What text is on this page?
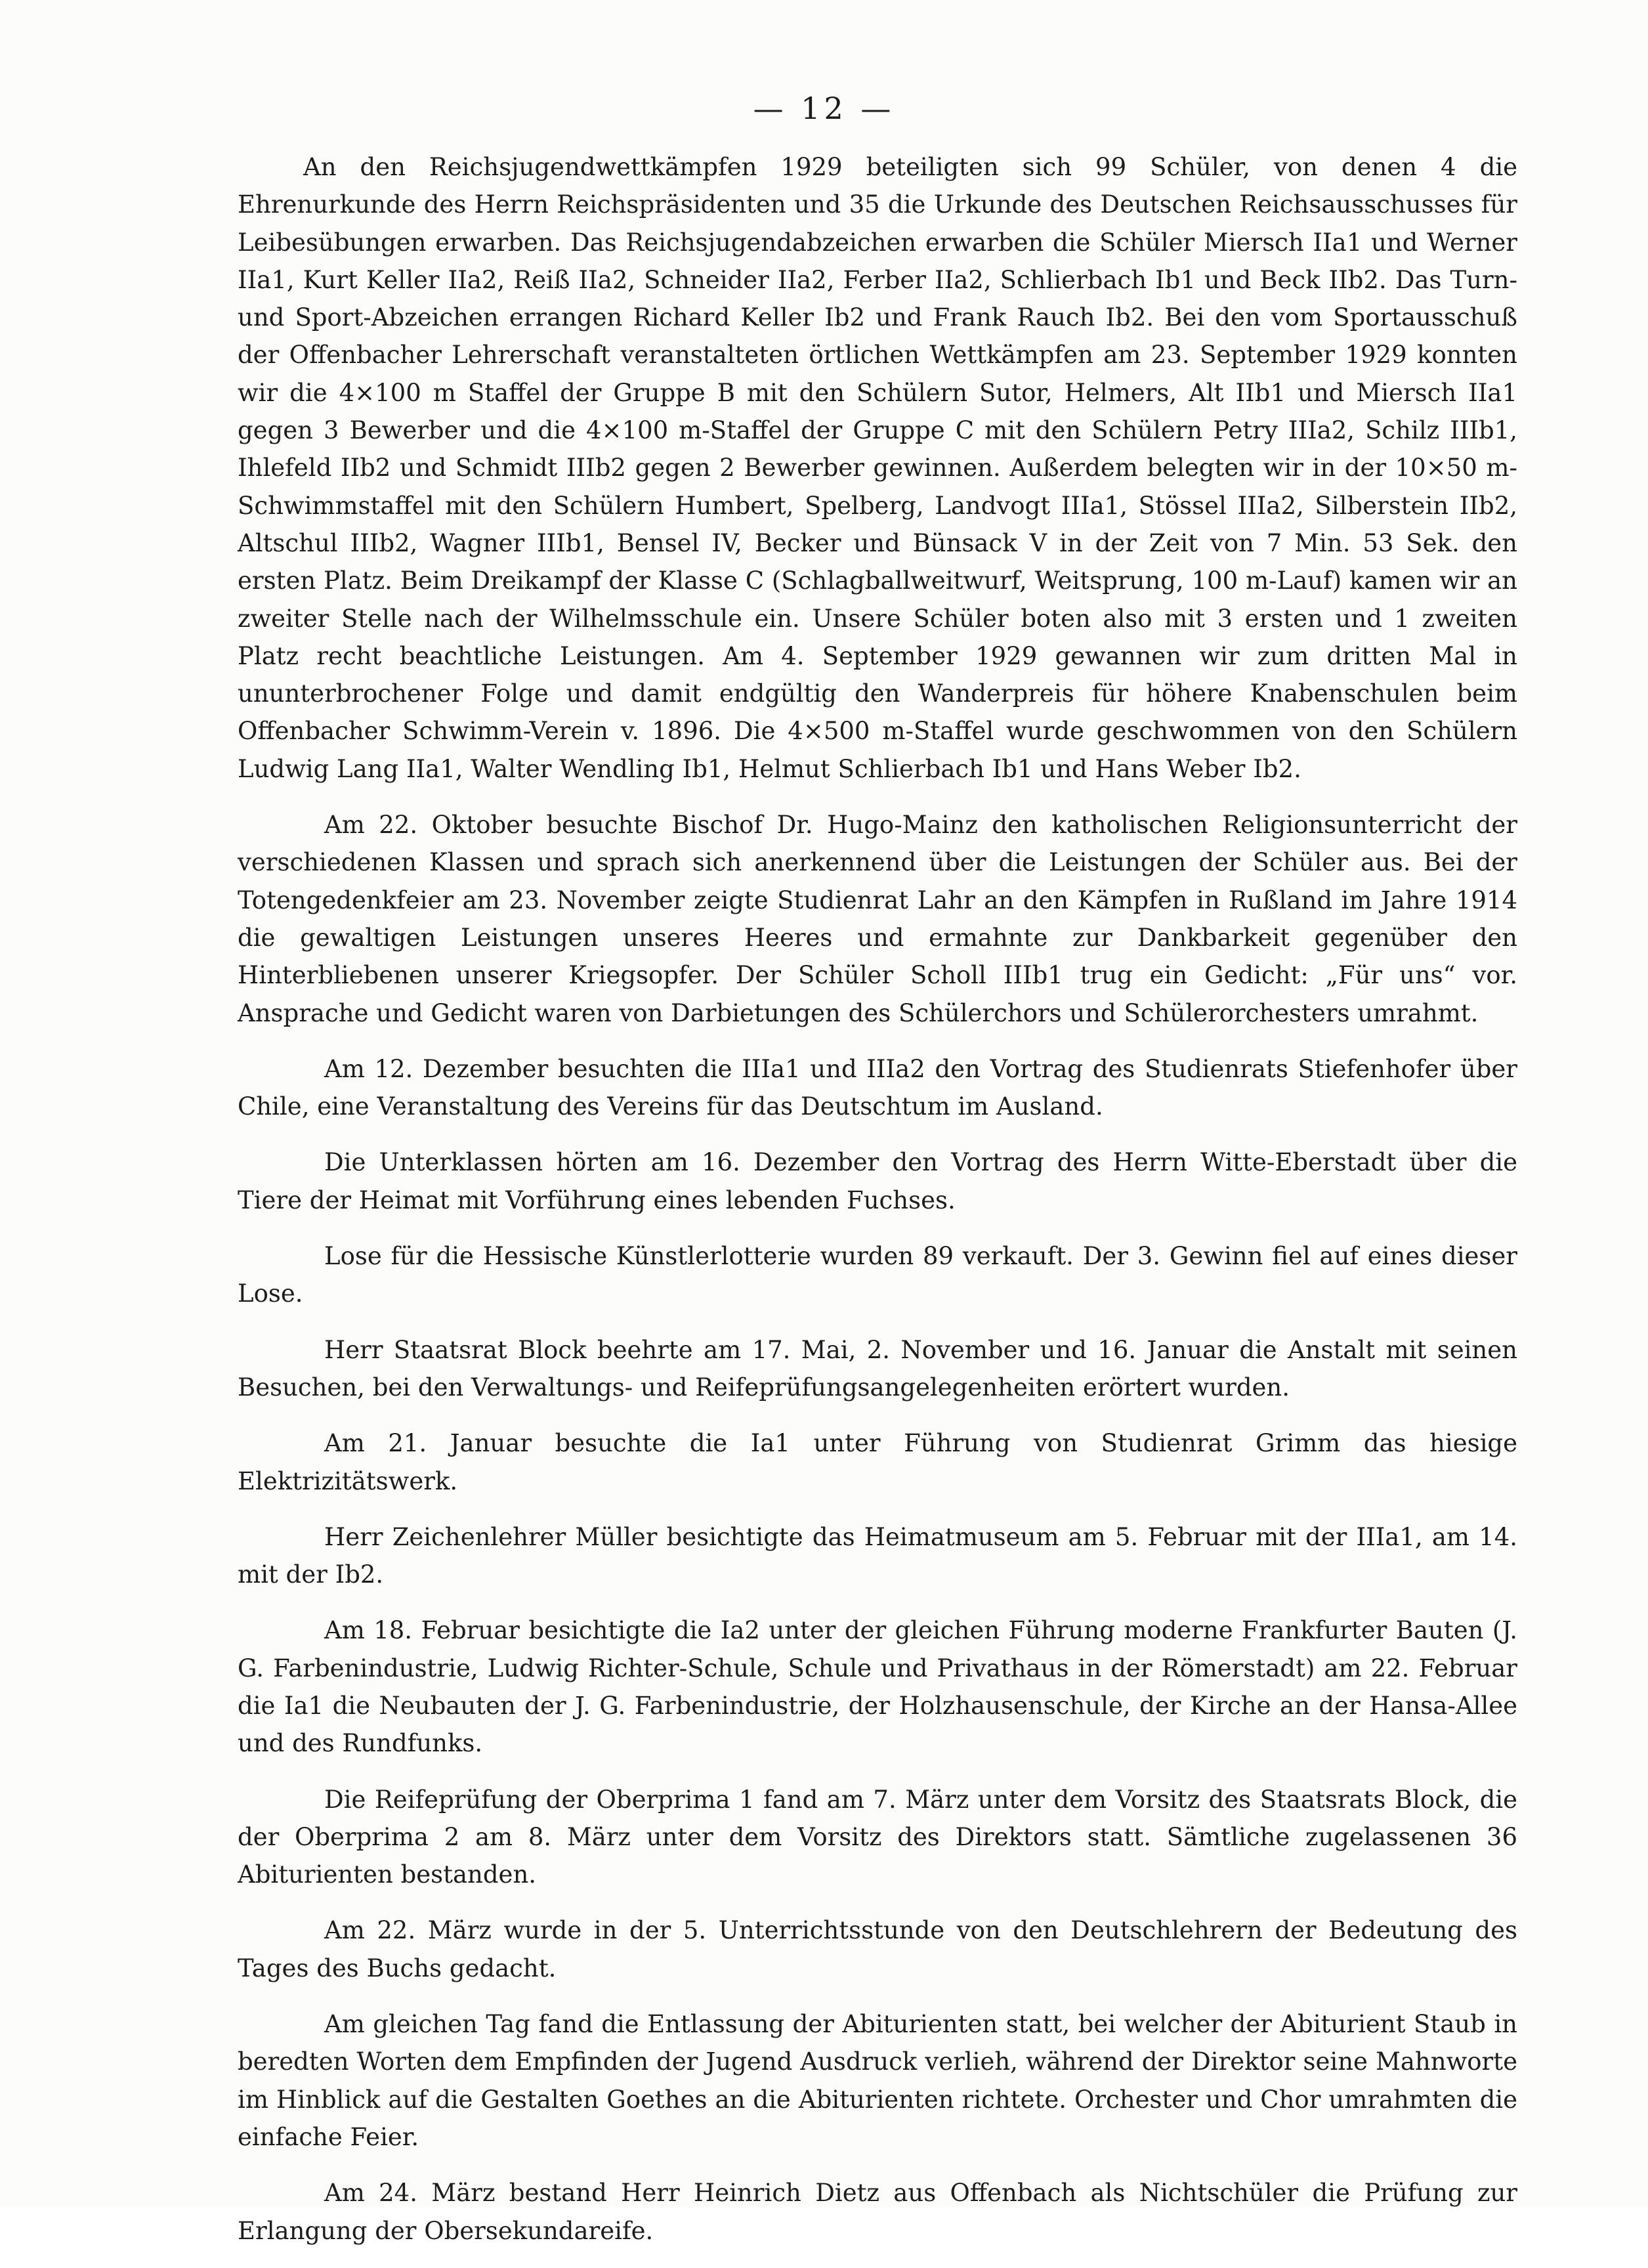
— 12 —

An den Reichsjugendwettkämpfen 1929 beteiligten sich 99 Schüler, von denen 4 die Ehrenurkunde des Herrn Reichspräsidenten und 35 die Urkunde des Deutschen Reichsausschusses für Leibesübungen erwarben. Das Reichsjugendabzeichen erwarben die Schüler Miersch IIa1 und Werner IIa1, Kurt Keller IIa2, Reiß IIa2, Schneider IIa2, Ferber IIa2, Schlierbach Ib1 und Beck IIb2. Das Turn- und Sport-Abzeichen errangen Richard Keller Ib2 und Frank Rauch Ib2. Bei den vom Sportausschuß der Offenbacher Lehrerschaft veranstalteten örtlichen Wettkämpfen am 23. September 1929 konnten wir die 4×100 m Staffel der Gruppe B mit den Schülern Sutor, Helmers, Alt IIb1 und Miersch IIa1 gegen 3 Bewerber und die 4×100 m-Staffel der Gruppe C mit den Schülern Petry IIIa2, Schilz IIIb1, Ihlefeld IIb2 und Schmidt IIIb2 gegen 2 Bewerber gewinnen. Außerdem belegten wir in der 10×50 m-Schwimmstaffel mit den Schülern Humbert, Spelberg, Landvogt IIIa1, Stössel IIIa2, Silberstein IIb2, Altschul IIIb2, Wagner IIIb1, Bensel IV, Becker und Bünsack V in der Zeit von 7 Min. 53 Sek. den ersten Platz. Beim Dreikampf der Klasse C (Schlagballweitwurf, Weitsprung, 100 m-Lauf) kamen wir an zweiter Stelle nach der Wilhelmsschule ein. Unsere Schüler boten also mit 3 ersten und 1 zweiten Platz recht beachtliche Leistungen. Am 4. September 1929 gewannen wir zum dritten Mal in ununterbrochener Folge und damit endgültig den Wanderpreis für höhere Knabenschulen beim Offenbacher Schwimm-Verein v. 1896. Die 4×500 m-Staffel wurde geschwommen von den Schülern Ludwig Lang IIa1, Walter Wendling Ib1, Helmut Schlierbach Ib1 und Hans Weber Ib2.

Am 22. Oktober besuchte Bischof Dr. Hugo-Mainz den katholischen Religionsunterricht der verschiedenen Klassen und sprach sich anerkennend über die Leistungen der Schüler aus. Bei der Totengedenkfeier am 23. November zeigte Studienrat Lahr an den Kämpfen in Rußland im Jahre 1914 die gewaltigen Leistungen unseres Heeres und ermahnte zur Dankbarkeit gegenüber den Hinterbliebenen unserer Kriegsopfer. Der Schüler Scholl IIIb1 trug ein Gedicht: „Für uns“ vor. Ansprache und Gedicht waren von Darbietungen des Schülerchors und Schülerorchesters umrahmt.

Am 12. Dezember besuchten die IIIa1 und IIIa2 den Vortrag des Studienrats Stiefenhofer über Chile, eine Veranstaltung des Vereins für das Deutschtum im Ausland.

Die Unterklassen hörten am 16. Dezember den Vortrag des Herrn Witte-Eberstadt über die Tiere der Heimat mit Vorführung eines lebenden Fuchses.

Lose für die Hessische Künstlerlotterie wurden 89 verkauft. Der 3. Gewinn fiel auf eines dieser Lose.

Herr Staatsrat Block beehrte am 17. Mai, 2. November und 16. Januar die Anstalt mit seinen Besuchen, bei den Verwaltungs- und Reifeprüfungsangelegenheiten erörtert wurden.

Am 21. Januar besuchte die Ia1 unter Führung von Studienrat Grimm das hiesige Elektrizitätswerk.

Herr Zeichenlehrer Müller besichtigte das Heimatmuseum am 5. Februar mit der IIIa1, am 14. mit der Ib2.

Am 18. Februar besichtigte die Ia2 unter der gleichen Führung moderne Frankfurter Bauten (J. G. Farbenindustrie, Ludwig Richter-Schule, Schule und Privathaus in der Römerstadt) am 22. Februar die Ia1 die Neubauten der J. G. Farbenindustrie, der Holzhausenschule, der Kirche an der Hansa-Allee und des Rundfunks.

Die Reifeprüfung der Oberprima 1 fand am 7. März unter dem Vorsitz des Staatsrats Block, die der Oberprima 2 am 8. März unter dem Vorsitz des Direktors statt. Sämtliche zugelassenen 36 Abiturienten bestanden.

Am 22. März wurde in der 5. Unterrichtsstunde von den Deutschlehrern der Bedeutung des Tages des Buchs gedacht.

Am gleichen Tag fand die Entlassung der Abiturienten statt, bei welcher der Abiturient Staub in beredten Worten dem Empfinden der Jugend Ausdruck verlieh, während der Direktor seine Mahnworte im Hinblick auf die Gestalten Goethes an die Abiturienten richtete. Orchester und Chor umrahmten die einfache Feier.

Am 24. März bestand Herr Heinrich Dietz aus Offenbach als Nichtschüler die Prüfung zur Erlangung der Obersekundareife.
